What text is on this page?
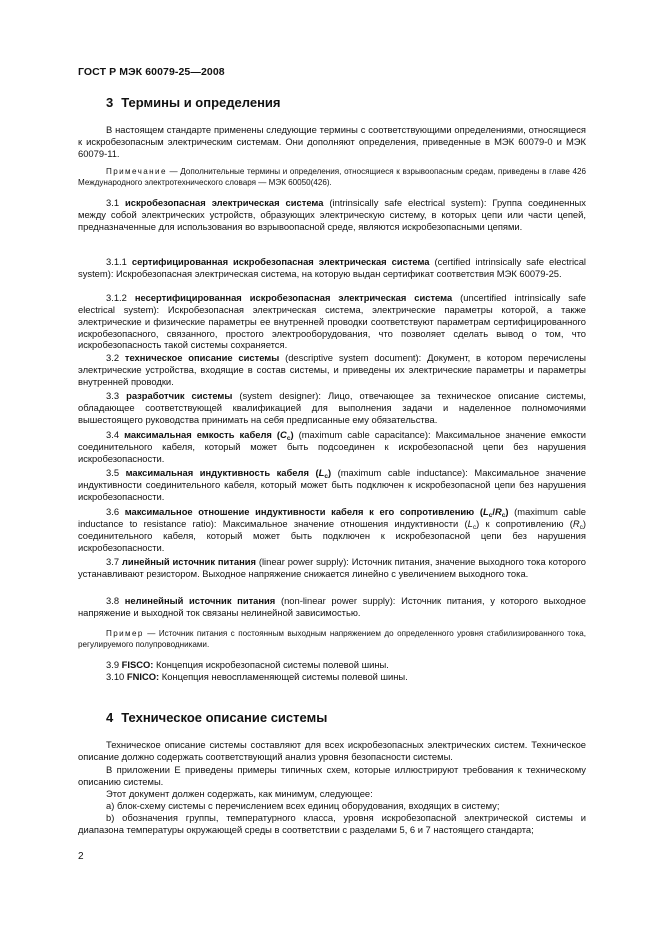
ГОСТ Р МЭК 60079-25—2008
3 Термины и определения
В настоящем стандарте применены следующие термины с соответствующими определениями, относящиеся к искробезопасным электрическим системам. Они дополняют определения, приведенные в МЭК 60079-0 и МЭК 60079-11.
Примечание — Дополнительные термины и определения, относящиеся к взрывоопасным средам, приведены в главе 426 Международного электротехнического словаря — МЭК 60050(426).
3.1 искробезопасная электрическая система (intrinsically safe electrical system): Группа соединенных между собой электрических устройств, образующих электрическую систему, в которых цепи или части цепей, предназначенные для использования во взрывоопасной среде, являются искробезопасными цепями.
3.1.1 сертифицированная искробезопасная электрическая система (certified intrinsically safe electrical system): Искробезопасная электрическая система, на которую выдан сертификат соответствия МЭК 60079-25.
3.1.2 несертифицированная искробезопасная электрическая система (uncertified intrinsically safe electrical system): Искробезопасная электрическая система, электрические параметры которой, а также электрические и физические параметры ее внутренней проводки соответствуют параметрам сертифицированного искробезопасного, связанного, простого электрооборудования, что позволяет сделать вывод о том, что искробезопасность такой системы сохраняется.
3.2 техническое описание системы (descriptive system document): Документ, в котором перечислены электрические устройства, входящие в состав системы, и приведены их электрические параметры и параметры внутренней проводки.
3.3 разработчик системы (system designer): Лицо, отвечающее за техническое описание системы, обладающее соответствующей квалификацией для выполнения задачи и наделенное полномочиями вышестоящего руководства принимать на себя предписанные ему обязательства.
3.4 максимальная емкость кабеля $(C_c)$ (maximum cable capacitance): Максимальное значение емкости соединительного кабеля, который может быть подсоединен к искробезопасной цепи без нарушения искробезопасности.
3.5 максимальная индуктивность кабеля $(L_c)$ (maximum cable inductance): Максимальное значение индуктивности соединительного кабеля, который может быть подключен к искробезопасной цепи без нарушения искробезопасности.
3.6 максимальное отношение индуктивности кабеля к его сопротивлению $(L_c/R_c)$ (maximum cable inductance to resistance ratio): Максимальное значение отношения индуктивности $(L_c)$ к сопротивлению $(R_c)$ соединительного кабеля, который может быть подключен к искробезопасной цепи без нарушения искробезопасности.
3.7 линейный источник питания (linear power supply): Источник питания, значение выходного тока которого устанавливают резистором. Выходное напряжение снижается линейно с увеличением выходного тока.
3.8 нелинейный источник питания (non-linear power supply): Источник питания, у которого выходное напряжение и выходной ток связаны нелинейной зависимостью.
Пример — Источник питания с постоянным выходным напряжением до определенного уровня стабилизированного тока, регулируемого полупроводниками.
3.9 FISCO: Концепция искробезопасной системы полевой шины.
3.10 FNICO: Концепция невоспламеняющей системы полевой шины.
4 Техническое описание системы
Техническое описание системы составляют для всех искробезопасных электрических систем. Техническое описание должно содержать соответствующий анализ уровня безопасности системы.
В приложении Е приведены примеры типичных схем, которые иллюстрируют требования к техническому описанию системы.
Этот документ должен содержать, как минимум, следующее:
a) блок-схему системы с перечислением всех единиц оборудования, входящих в систему;
b) обозначения группы, температурного класса, уровня искробезопасной электрической системы и диапазона температуры окружающей среды в соответствии с разделами 5, 6 и 7 настоящего стандарта;
2
